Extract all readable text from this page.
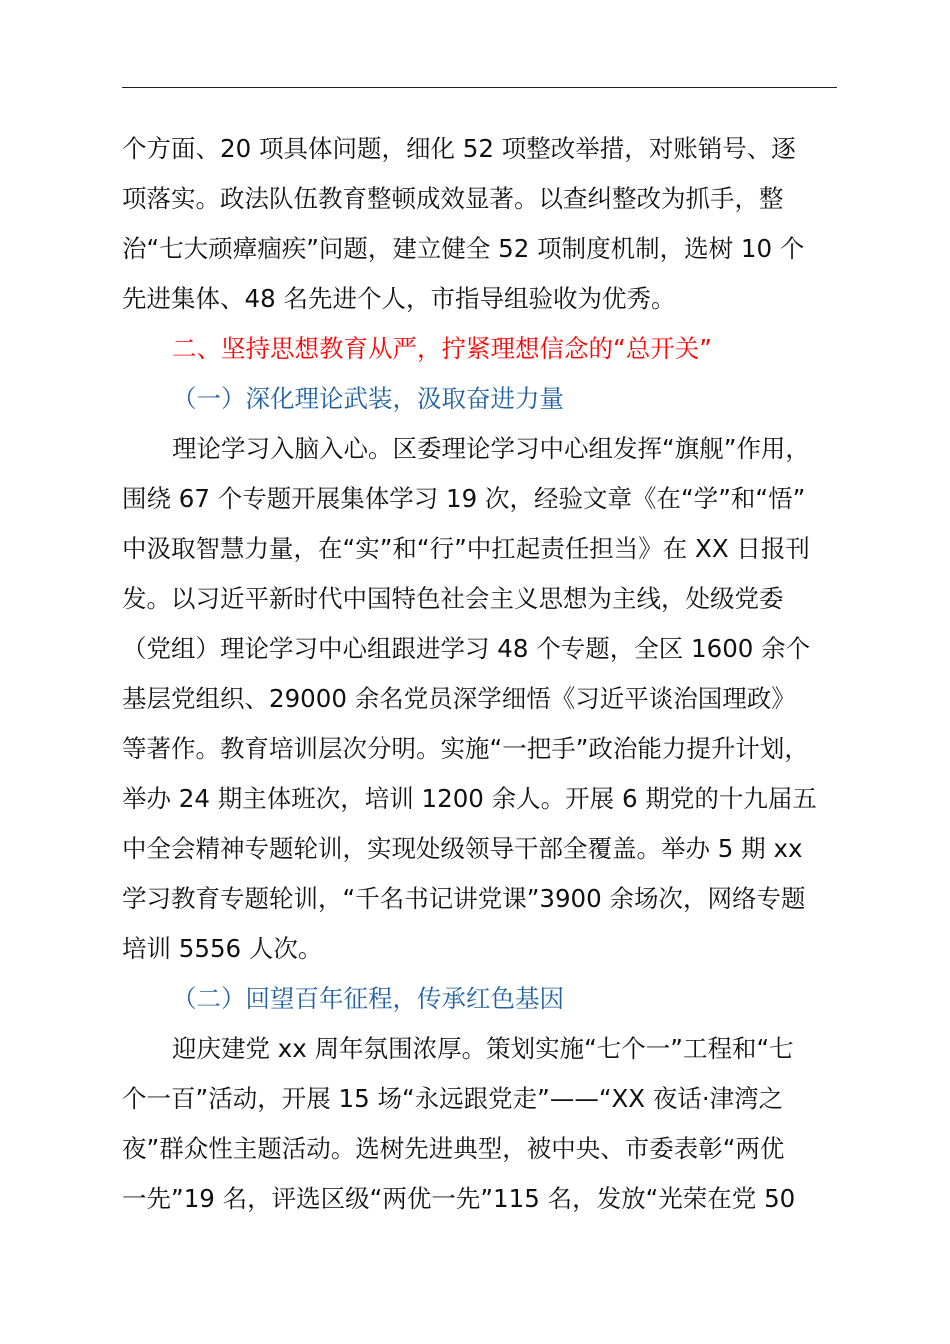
个方面、20 项具体问题，细化 52 项整改举措，对账销号、逐
项落实。政法队伍教育整顿成效显著。以查纠整改为抓手，整
治“七大顽瘴痼疾”问题，建立健全 52 项制度机制，选树 10 个
先进集体、48 名先进个人，市指导组验收为优秀。
二、坚持思想教育从严，拧紧理想信念的“总开关”
（一）深化理论武装，汲取奋进力量
理论学习入脑入心。区委理论学习中心组发挥“旗舰”作用，
围绕 67 个专题开展集体学习 19 次，经验文章《在“学”和“悟”
中汲取智慧力量，在“实”和“行”中扛起责任担当》在 XX 日报刊
发。以习近平新时代中国特色社会主义思想为主线，处级党委
（党组）理论学习中心组跟进学习 48 个专题，全区 1600 余个
基层党组织、29000 余名党员深学细悟《习近平谈治国理政》
等著作。教育培训层次分明。实施“一把手”政治能力提升计划，
举办 24 期主体班次，培训 1200 余人。开展 6 期党的十九届五
中全会精神专题轮训，实现处级领导干部全覆盖。举办 5 期 xx
学习教育专题轮训，“千名书记讲党课”3900 余场次，网络专题
培训 5556 人次。
（二）回望百年征程，传承红色基因
迎庆建党 xx 周年氛围浓厚。策划实施“七个一”工程和“七
个一百”活动，开展 15 场“永远跟党走”——“XX 夜话·津湾之
夜”群众性主题活动。选树先进典型，被中央、市委表彰“两优
一先”19 名，评选区级“两优一先”115 名，发放“光荣在党 50
